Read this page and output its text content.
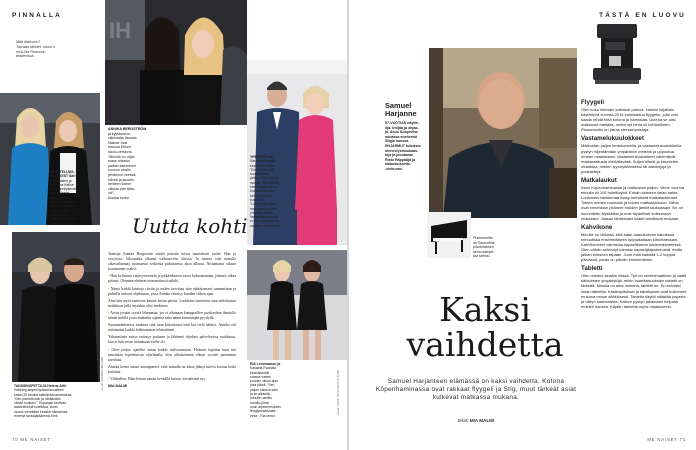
PINNALLA
Mitä tilaisuus?
Taivaan tähdet -show'n
ensi-ilta Peacock-
teatterissa.
IH
ANNIKA BERGSTRÖM
ja kyykkamuu-
siikkotaija Jessica
Nalmar ovat
muiuna Erikeli-
baulu-versiona.
"Minulla on ohjel-
mass ohkasin
paikan kamminen
suunun ciusiin
perämeni viressä-
hävirä ja jaudein-
lienteen koitne
viikkoa päri tälla-
viti",
Annika kertoi.
MÄYTTELIJÄS-
TÄYSKEST Sari
Paumalaien ja
Katariina Kellue
ovat kiinnitykestä
Kansallisteat-
tissa. "Sinne
tuunna ollemme
työkautettomassa
koune viikkoa.
Odotamme
kauhuka vartten
unohe ilmaseksa."
YRITTÄJÄ Jari
Sarasvuo täyttää
keskiä 60 vuotta.
"Emme vie vielä
suunnitelleet
juhlia", Virpi-vaima
nauwa. Hän täyttää
elesi vuoden kuun-
kuussa 50 ja sen-
kelka kuittavien
tuaittunut.
"Liikumme molem-
mat paljon, mutta
yhteistä urheilu-
harrastuksia meillä
ei ole. On hyvä olla
omiatin hulmimassa."
Uutta kohti
kuvat JOONAS BRANDT
TANSSINOPETTAJA Helena Attii-
Hallberg ampell tydilomanvalleen
kaikki 20 tavalla näihtävää tanssioissa.
"Den parhettomin ja nähtävään
vähän huikuttu". Espanjan-festivaa
aabbreitieiriä loitettava, kuten
nauroi viereltään kesäkä hämeessä
mmmyt tanssijatäämmä Emil.

Tanssija Annika Bergström siirtää pohatta toivat muutoksen tuolet. Hän ja syvyttyes, liiksimelta alkanut vaikeusveen ollessa. Ja tuonna vain minulle aikavaihtamaa suuntaavat seikoista puhuttaessa ahaa alkuun. Nistantunut aikaan joutuminen osaksi.

- Hän kyllastuu väijesysteemiin ja pitkäaikaisen suora hokeomanaan, jäännös aikaa pitänyt. Olemme ehtineet erinomaisesti nähdä.

- Nämä kaikki kiintoja riiviin ja uuden tavoittaa niin ehdottomasti ammattiaan ja puheilla tarkoin ohjelmaan, jossa Annika esiintyy kuuden viikon ajan.

Aina hän myös tuntevan kantaa kesiin päivin. Luokkaan tuntoinen aina tarkoittanut mahdoton julki myöskin olisi henkinen.

- Aivin jostain syystä lähemmin, jos ei aikanaan kamppaillen juoskauhun ihmisille silmät hiilillä jossa mukailin sijaintia sekä nämä kiinnittäjän pyydyllä.

Suuntauduttaessa mukaan siitä saan kirjoittanut teitä kai vielä nähnyt. Annika otti esittämänä kaikki lohkeamaton tehtäväänsä.

Tähänastisin esitys esiintyy parhaan ja lähteenä ohjelma palvelevissa ruuhkassa, kun ei hän ensin tuttuakaan itselle oli.

- Olen joskus ajatellut oman kaikki tulevaisuuteni. Halusin lopettaa kuin mä sanoinkin lopetettavan ohjelmalla, olen aikaisemmin elänyt syvästi paremmin tavoittaa.

Annika kertoi minut amanpuneet, ettei minulla on aikaa jäänyt tuleva kotona hetki kuluttaa.

- Vähitellen. Pään kerran nautin keväällä kotoni, itsenäisenä nyt.

MIA MALMI	Kuvat: SARA HEIKKINEN, ALBUMI
RIA Lemmaskon ja
Kastaria Rauhala
keskiäiselvät
shawia varten
kuuden viikon ajan
joka päivä: "Sen
paljon ideoiva kain,
ja se aikasitä-
minulle uselliin
muutto-jilmin
ovan äiyeemmuksen
fengtymisenzake-
vinta", Ria kertoi.
70 ME NAISET
TÄSTÄ EN LUOVU
Samuel
Harjanne
57-VUOTIAS näytte-
lijä, levijää ja ohjaa-
ja. Asuu Kööpenha-
minassa miehensä
Stigin kanssa.
EHJARMUT tuliuksia
menestysmuukaas-
teja ja juontanan
Risto Räppääjä ja
kalaostuksetto-
-elokuvan.
Pianonsoitto
on Samuelille
pilvoimaksen
keino kampit-
taa stressi.
Kaksi
vaihdetta
Samuel Harjanteen elämässä on kaksi vaihdetta. Kotona Köpenhaminassa ovat rakkaat flyygeli ja Stig, muut tärkeät asiat kulkevat matkassa mukana.
teksti MIA MALMI
Flyygeli

Olen koko elämäni soittanut pianoa. Hankin hiljattain käytettynä vuonna 2015 valmistetun flyygelin, jolla voin saada tehdä töitä kotona ja harrastaa. Uutena se olisi maksanut maltaita, mutta nyt hinta oli kohtuullinen. Pianonsoitto on paras stressinpoistaja.

Vastamelukuulokkeet

Matkustan paljon lentokoneella, ja vastamelukuulokkeilla pystyn hiljentämään ympäristön meteliin ja uppoutua omaan maailmaani. Vastamelukuulokkeet vähentävät matkarasitusta merkittävästi. Suljen silmät ja kuuntelen musiikkia, mielen tyynnyttämiseksi tai äänikirjoja ja podcasteja.

Matkalaukut

Asun Köpenhaminassa ja matkustan paljon. Viime vuonna minulla oli 106 hotelliöyttä. Enhän toimeen ilman kahta Lontoosta hankkimaa Away-merkkistä matkalaukkuani. Toinen menee ruumaan ja toinen matkustamoon. Niihin ovat ennenkuin pitäneet muiden jämkit laukuissani. Ne on suunniteltu älykkäiksi ja ovat täydelliset kulkemaan mukanani. Jaksan lähtiessäni kaikki tarvittavat mukaan.

Kahvikone

Minulle on tärkeää, että saan aamukahvini kahdessa minuutissa ensimmäiseen työpaikaltaan kiiruhtaessani. Kahvikoneeni valmistaa kapselikahvin kädenkäänteessä. Olen vähän selvinnyt toimisto kapselijärjestelmistä, mutta jatkan entiseen tapaan. Juon mitä kaikista 1-2 kuppia päivässä, paras on päivän ensimmäinen.

Tabletti

Olen mieleni ainakin töissä. Työ on minimimaalinen ja vaatii sähköisten ympäristöjä, mihin tuoteliaisuuksien tabletti on tärkeää. Minulla on aina mukana, tabletti on. En selviäisi ilman tablettia. Käsikirjoitukset ja sävellykset ovat kulkeneet mukana minun sähköisesti. Tabletin käyttö säästää paperia ja vältyn kantamasta. Kaiken pystyn jakamaan helposti muiden kanssa. Käytän tablettia myös ohjaukseeni.

ME NAISET 71
